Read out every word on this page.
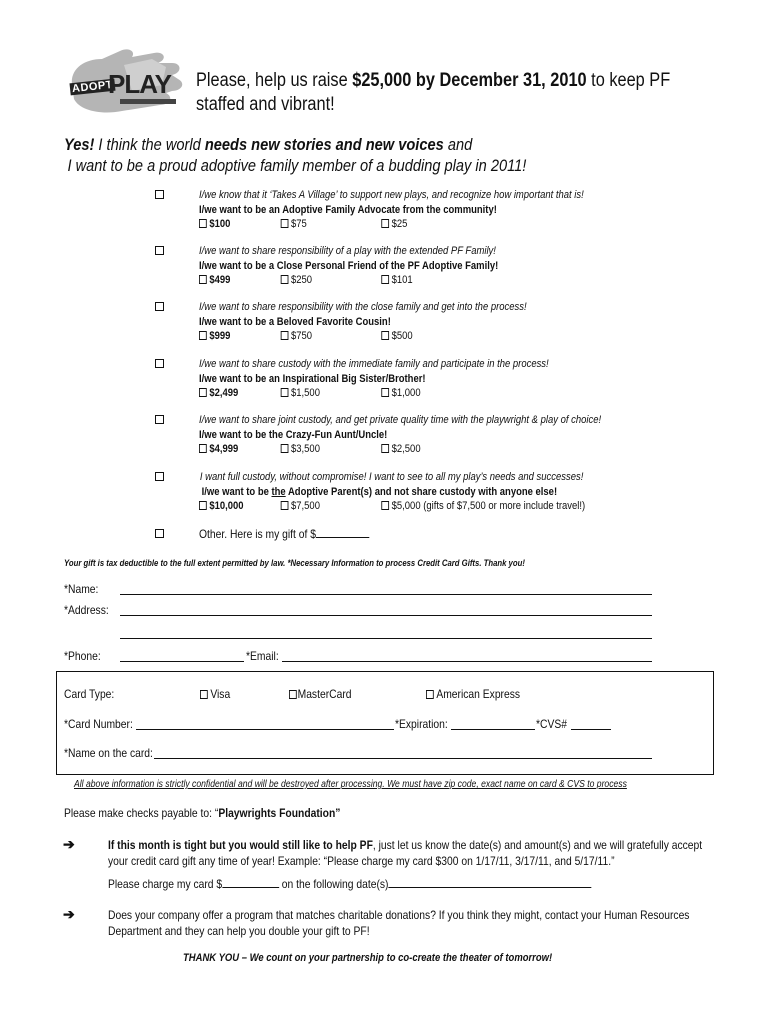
ADOPT
PLAY Please, help us raise $25,000 by December 31, 2010 to keep PF
staffed and vibrant!
Yes! I think the world needs new stories and new voices and
I want to be a proud adoptive family member of a budding play in 2011!
I/we know that it ‘Takes A Village’ to support new plays, and recognize how important that is!
I/we want to be an Adoptive Family Advocate from the community!
$100	$75	$25
I/we want to share responsibility of a play with the extended PF Family!
I/we want to be a Close Personal Friend of the PF Adoptive Family!
$499	$250	$101
I/we want to share responsibility with the close family and get into the process!
I/we want to be a Beloved Favorite Cousin!
$999	$750	$500
I/we want to share custody with the immediate family and participate in the process!
I/we want to be an Inspirational Big Sister/Brother!
$2,499	$1,500	$1,000
I/we want to share joint custody, and get private quality time with the playwright & play of choice!
I/we want to be the Crazy-Fun Aunt/Uncle!
$4,999	$3,500	$2,500
I want full custody, without compromise! I want to see to all my play’s needs and successes!
I/we want to be the Adoptive Parent(s) and not share custody with anyone else!
$10,000	$7,500	$5,000 (gifts of $7,500 or more include travel!)
Other. Here is my gift of $
Your gift is tax deductible to the full extent permitted by law. *Necessary Information to process Credit Card Gifts. Thank you!
*Name:
*Address:
*Phone:	*Email:
Card Type:	Visa	MasterCard	American Express
*Card Number:	*Expiration:	*CVS#
*Name on the card:
All above information is strictly confidential and will be destroyed after processing. We must have zip code, exact name on card & CVS to process
Please make checks payable to: “Playwrights Foundation”
➔	If this month is tight but you would still like to help PF, just let us know the date(s) and amount(s) and we will gratefully accept
your credit card gift any time of year! Example: “Please charge my card $300 on 1/17/11, 3/17/11, and 5/17/11.”
Please charge my card $	on the following date(s)
➔	Does your company offer a program that matches charitable donations? If you think they might, contact your Human Resources
Department and they can help you double your gift to PF!
THANK YOU – We count on your partnership to co-create the theater of tomorrow!
